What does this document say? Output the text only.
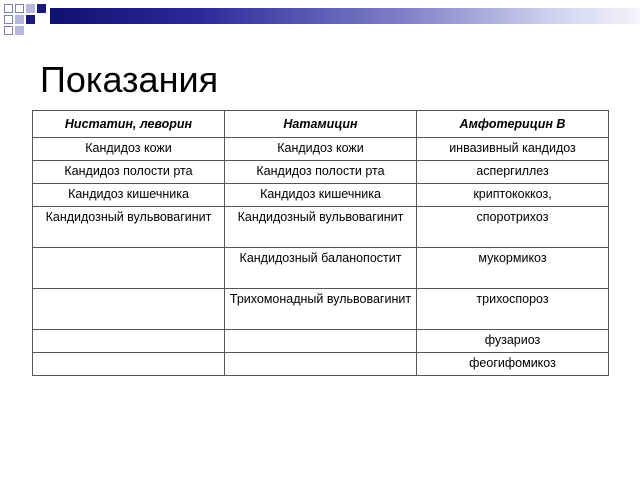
Показания
Нистатин, леворин	Натамицин	Амфотерицин В
Кандидоз кожи	Кандидоз кожи	инвазивный кандидоз
Кандидоз полости рта	Кандидоз полости рта	аспергиллез
Кандидоз кишечника	Кандидоз кишечника	криптококкоз,
Кандидозный вульвовагинит	Кандидозный вульвовагинит	споротрихоз
	Кандидозный баланопостит	мукормикоз
	Трихомонадный вульвовагинит	трихоспороз
		фузариоз
		феогифомикоз
